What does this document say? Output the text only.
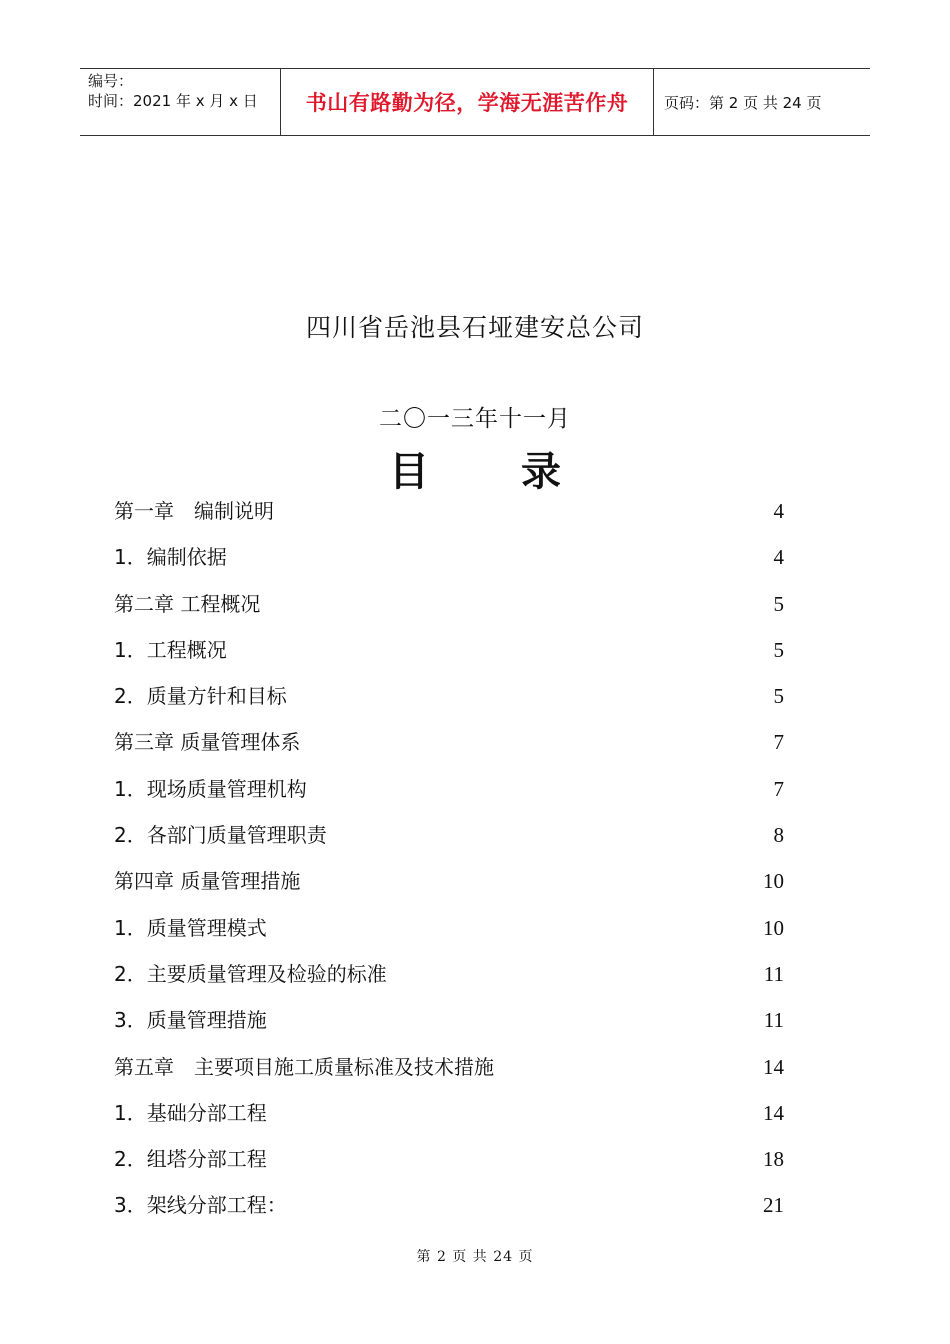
编号：
时间：2021 年 x 月 x 日	书山有路勤为径，学海无涯苦作舟 页码：第 2 页 共 24 页
四川省岳池县石垭建安总公司
二〇一三年十一月
目 录
第一章　编制说明	4
1．编制依据	4
第二章 工程概况	5
1．工程概况	5
2．质量方针和目标	5
第三章 质量管理体系	7
1．现场质量管理机构	7
2．各部门质量管理职责	8
第四章 质量管理措施	10
1．质量管理模式	10
2．主要质量管理及检验的标准	11
3．质量管理措施	11
第五章　主要项目施工质量标准及技术措施	14
1．基础分部工程	14
2．组塔分部工程	18
3．架线分部工程：	21
第 2 页 共 24 页
